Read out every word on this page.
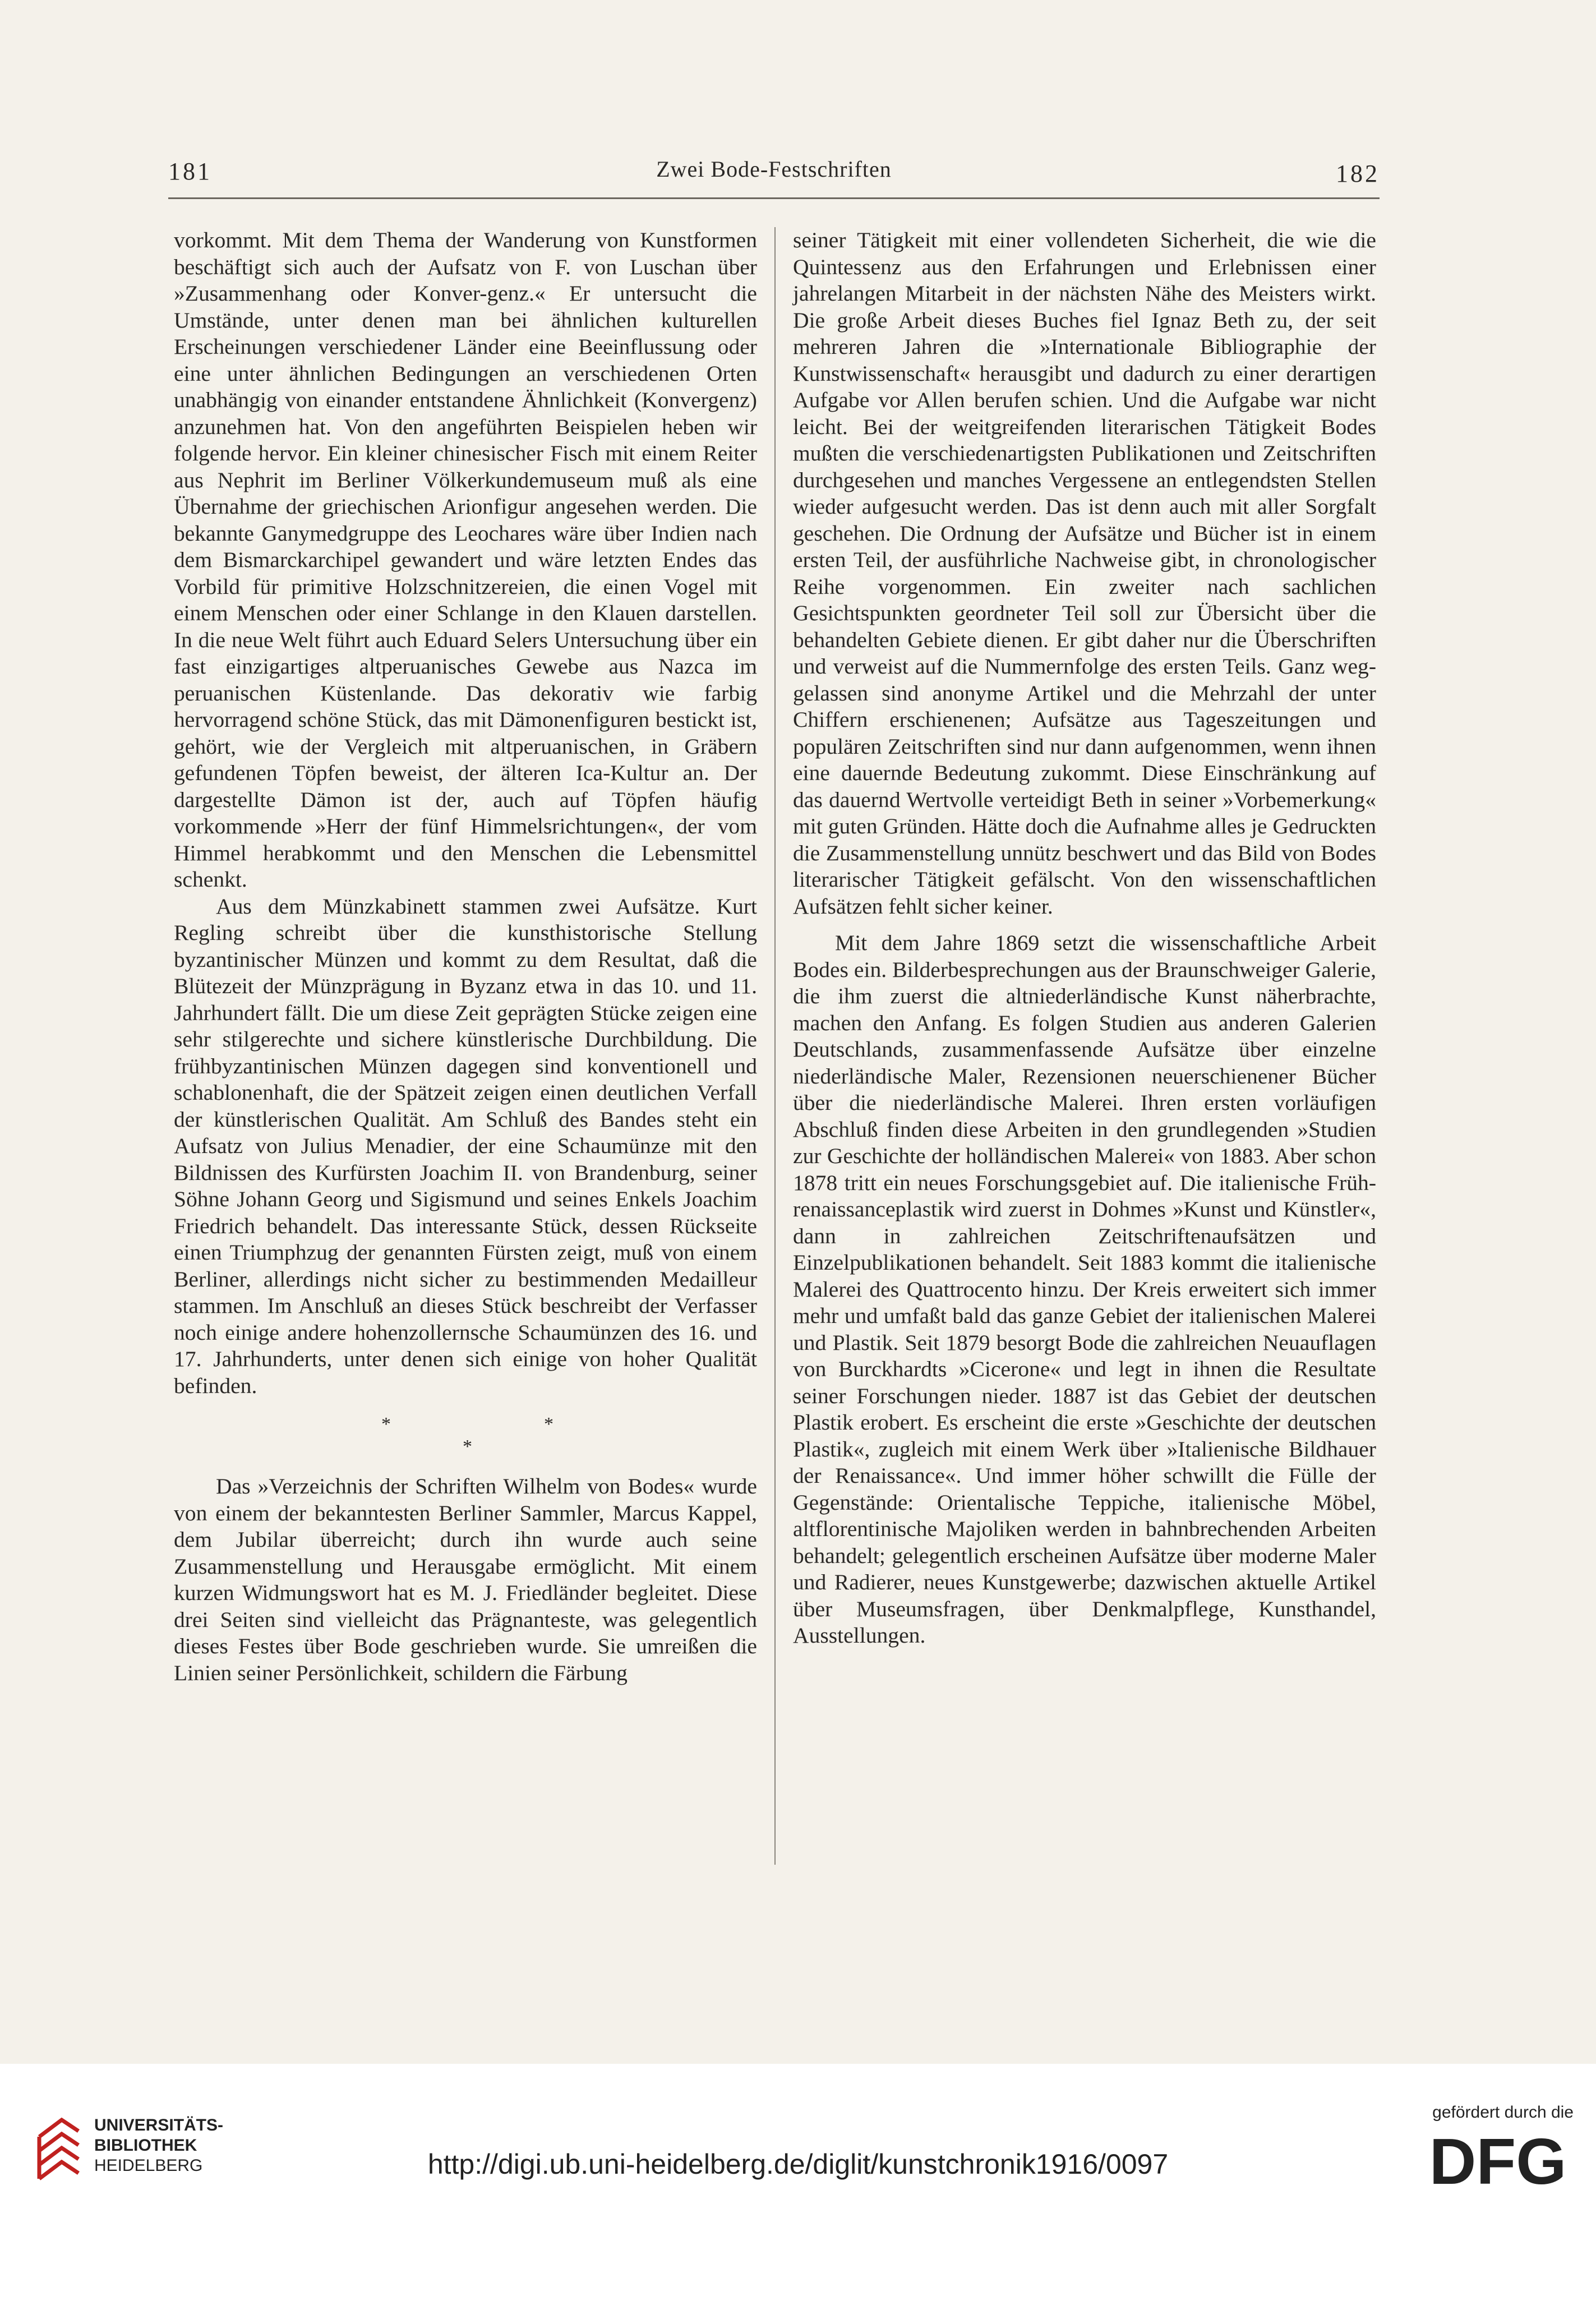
181	Zwei Bode-Festschriften	182

vorkommt. Mit dem Thema der Wanderung von Kunstformen beschäftigt sich auch der Aufsatz von F. von Luschan über »Zusammenhang oder Konver-genz.« Er untersucht die Umstände, unter denen man bei ähnlichen kulturellen Erscheinungen verschiedener Länder eine Beeinflussung oder eine unter ähnlichen Bedingungen an verschiedenen Orten unabhängig von einander entstandene Ähnlichkeit (Konvergenz) anzunehmen hat. Von den angeführten Beispielen heben wir folgende hervor. Ein kleiner chinesischer Fisch mit einem Reiter aus Nephrit im Berliner Völkerkundemuseum muß als eine Übernahme der griechischen Arionfigur angesehen werden. Die bekannte Ganymedgruppe des Leochares wäre über Indien nach dem Bismarckarchipel gewandert und wäre letzten Endes das Vorbild für primitive Holzschnitzereien, die einen Vogel mit einem Menschen oder einer Schlange in den Klauen darstellen. In die neue Welt führt auch Eduard Selers Untersuchung über ein fast einzigartiges altperuanisches Gewebe aus Nazca im peruanischen Küstenlande. Das dekorativ wie farbig hervorragend schöne Stück, das mit Dämonenfiguren bestickt ist, gehört, wie der Vergleich mit altperuanischen, in Gräbern gefundenen Töpfen beweist, der älteren Ica-Kultur an. Der dargestellte Dämon ist der, auch auf Töpfen häufig vorkommende »Herr der fünf Himmelsrichtungen«, der vom Himmel herabkommt und den Menschen die Lebensmittel schenkt.

Aus dem Münzkabinett stammen zwei Aufsätze. Kurt Regling schreibt über die kunsthistorische Stellung byzantinischer Münzen und kommt zu dem Resultat, daß die Blütezeit der Münzprägung in Byzanz etwa in das 10. und 11. Jahrhundert fällt. Die um diese Zeit geprägten Stücke zeigen eine sehr stilgerechte und sichere künstlerische Durchbildung. Die frühbyzantinischen Münzen dagegen sind konventionell und schablonenhaft, die der Spätzeit zeigen einen deutlichen Verfall der künstlerischen Qualität. Am Schluß des Bandes steht ein Aufsatz von Julius Menadier, der eine Schaumünze mit den Bildnissen des Kurfürsten Joachim II. von Brandenburg, seiner Söhne Johann Georg und Sigismund und seines Enkels Joachim Friedrich behandelt. Das interessante Stück, dessen Rückseite einen Triumphzug der genannten Fürsten zeigt, muß von einem Berliner, allerdings nicht sicher zu bestimmenden Medailleur stammen. Im Anschluß an dieses Stück beschreibt der Verfasser noch einige andere hohenzollernsche Schaumünzen des 16. und 17. Jahrhunderts, unter denen sich einige von hoher Qualität befinden.

*	*
*

Das »Verzeichnis der Schriften Wilhelm von Bodes« wurde von einem der bekanntesten Berliner Sammler, Marcus Kappel, dem Jubilar überreicht; durch ihn wurde auch seine Zusammenstellung und Herausgabe ermöglicht. Mit einem kurzen Widmungswort hat es M. J. Friedländer begleitet. Diese drei Seiten sind vielleicht das Prägnanteste, was gelegentlich dieses Festes über Bode geschrieben wurde. Sie umreißen die Linien seiner Persönlichkeit, schildern die Färbung

seiner Tätigkeit mit einer vollendeten Sicherheit, die wie die Quintessenz aus den Erfahrungen und Erlebnissen einer jahrelangen Mitarbeit in der nächsten Nähe des Meisters wirkt. Die große Arbeit dieses Buches fiel Ignaz Beth zu, der seit mehreren Jahren die »Internationale Bibliographie der Kunstwissenschaft« herausgibt und dadurch zu einer derartigen Aufgabe vor Allen berufen schien. Und die Aufgabe war nicht leicht. Bei der weitgreifenden literarischen Tätigkeit Bodes mußten die verschiedenartigsten Publikationen und Zeitschriften durchgesehen und manches Vergessene an entlegendsten Stellen wieder aufgesucht werden. Das ist denn auch mit aller Sorgfalt geschehen. Die Ordnung der Aufsätze und Bücher ist in einem ersten Teil, der ausführliche Nachweise gibt, in chronologischer Reihe vorgenommen. Ein zweiter nach sachlichen Gesichtspunkten geordneter Teil soll zur Übersicht über die behandelten Gebiete dienen. Er gibt daher nur die Überschriften und verweist auf die Nummernfolge des ersten Teils. Ganz weggelassen sind anonyme Artikel und die Mehrzahl der unter Chiffern erschienenen; Aufsätze aus Tageszeitungen und populären Zeitschriften sind nur dann aufgenommen, wenn ihnen eine dauernde Bedeutung zukommt. Diese Einschränkung auf das dauernd Wertvolle verteidigt Beth in seiner »Vorbemerkung« mit guten Gründen. Hätte doch die Aufnahme alles je Gedruckten die Zusammenstellung unnütz beschwert und das Bild von Bodes literarischer Tätigkeit gefälscht. Von den wissenschaftlichen Aufsätzen fehlt sicher keiner.

Mit dem Jahre 1869 setzt die wissenschaftliche Arbeit Bodes ein. Bilderbesprechungen aus der Braunschweiger Galerie, die ihm zuerst die altniederländische Kunst näherbrachte, machen den Anfang. Es folgen Studien aus anderen Galerien Deutschlands, zusammenfassende Aufsätze über einzelne niederländische Maler, Rezensionen neuerschienener Bücher über die niederländische Malerei. Ihren ersten vorläufigen Abschluß finden diese Arbeiten in den grundlegenden »Studien zur Geschichte der holländischen Malerei« von 1883. Aber schon 1878 tritt ein neues Forschungsgebiet auf. Die italienische Frührenaissanceplastik wird zuerst in Dohmes »Kunst und Künstler«, dann in zahlreichen Zeitschriftenaufsätzen und Einzelpublikationen behandelt. Seit 1883 kommt die italienische Malerei des Quattrocento hinzu. Der Kreis erweitert sich immer mehr und umfaßt bald das ganze Gebiet der italienischen Malerei und Plastik. Seit 1879 besorgt Bode die zahlreichen Neuauflagen von Burckhardts »Cicerone« und legt in ihnen die Resultate seiner Forschungen nieder. 1887 ist das Gebiet der deutschen Plastik erobert. Es erscheint die erste »Geschichte der deutschen Plastik«, zugleich mit einem Werk über »Italienische Bildhauer der Renaissance«. Und immer höher schwillt die Fülle der Gegenstände: Orientalische Teppiche, italienische Möbel, altflorentinische Majoliken werden in bahnbrechenden Arbeiten behandelt; gelegentlich erscheinen Aufsätze über moderne Maler und Radierer, neues Kunstgewerbe; dazwischen aktuelle Artikel über Museumsfragen, über Denkmalpflege, Kunsthandel, Ausstellungen.

UNIVERSITÄTS-
BIBLIOTHEK
HEIDELBERG	http://digi.ub.uni-heidelberg.de/diglit/kunstchronik1916/0097
gefördert durch die
DFG
